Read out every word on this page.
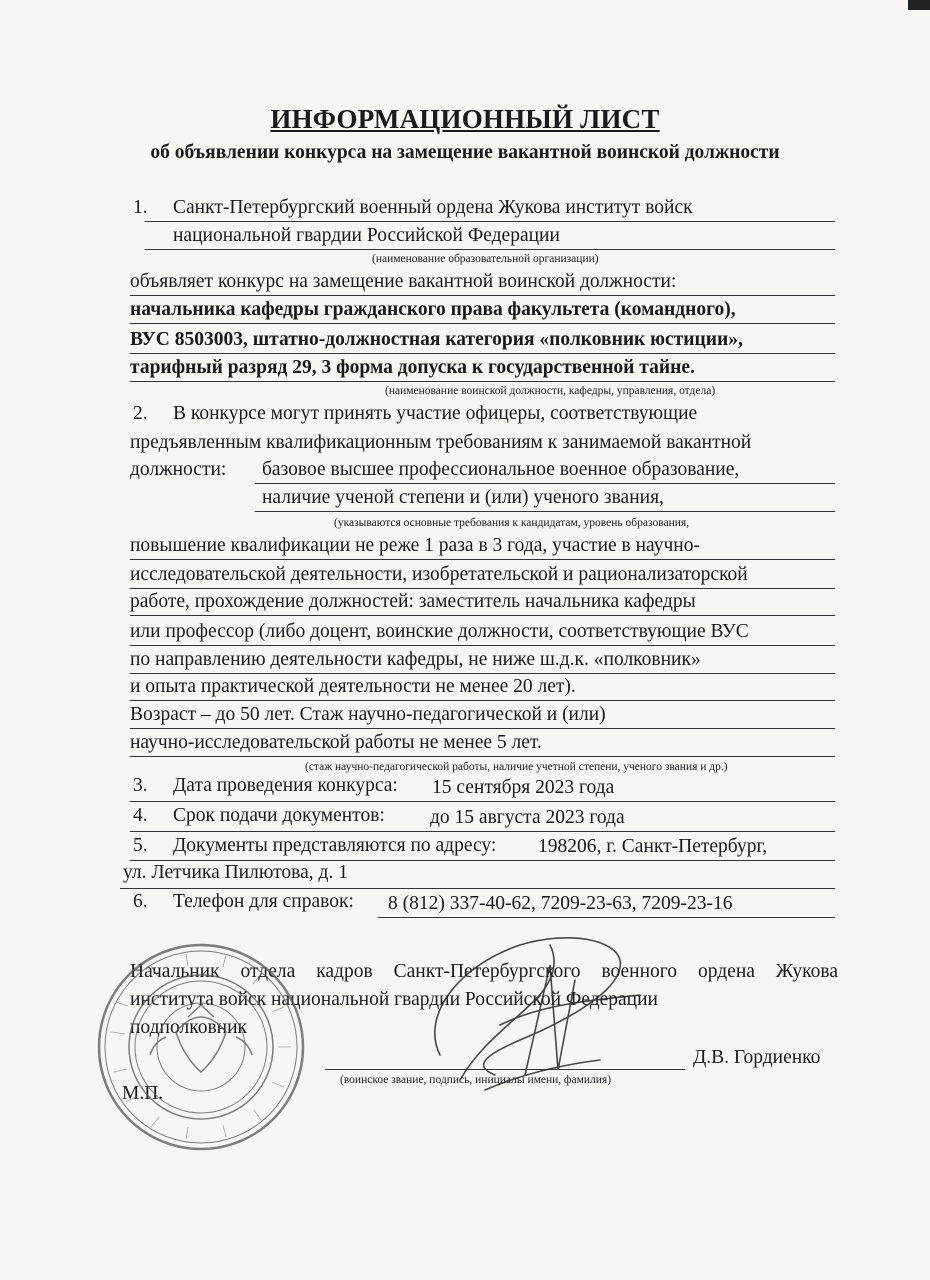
ИНФОРМАЦИОННЫЙ ЛИСТ
об объявлении конкурса на замещение вакантной воинской должности
1. Санкт-Петербургский военный ордена Жукова институт войск
национальной гвардии Российской Федерации
(наименование образовательной организации)
объявляет конкурс на замещение вакантной воинской должности:
начальника кафедры гражданского права факультета (командного),
ВУС 8503003, штатно-должностная категория «полковник юстиции»,
тарифный разряд 29, 3 форма допуска к государственной тайне.
(наименование воинской должности, кафедры, управления, отдела)
2. В конкурсе могут принять участие офицеры, соответствующие
предъявленным квалификационным требованиям к занимаемой вакантной
должности: базовое высшее профессиональное военное образование,
наличие ученой степени и (или) ученого звания,
(указываются основные требования к кандидатам, уровень образования,
повышение квалификации не реже 1 раза в 3 года, участие в научно-
исследовательской деятельности, изобретательской и рационализаторской
работе, прохождение должностей: заместитель начальника кафедры
или профессор (либо доцент, воинские должности, соответствующие ВУС
по направлению деятельности кафедры, не ниже ш.д.к. «полковник»
и опыта практической деятельности не менее 20 лет).
Возраст – до 50 лет. Стаж научно-педагогической и (или)
научно-исследовательской работы не менее 5 лет.
(стаж научно-педагогической работы, наличие учетной степени, ученого звания и др.)
3. Дата проведения конкурса: 15 сентября 2023 года
4. Срок подачи документов: до 15 августа 2023 года
5. Документы представляются по адресу: 198206, г. Санкт-Петербург,
ул. Летчика Пилютова, д. 1
6. Телефон для справок: 8 (812) 337-40-62, 7209-23-63, 7209-23-16
Начальник отдела кадров Санкт-Петербургского военного ордена Жукова
института войск национальной гвардии Российской Федерации
подполковник
Д.В. Гордиенко
(воинское звание, подпись, инициалы имени, фамилия)
М.П.
